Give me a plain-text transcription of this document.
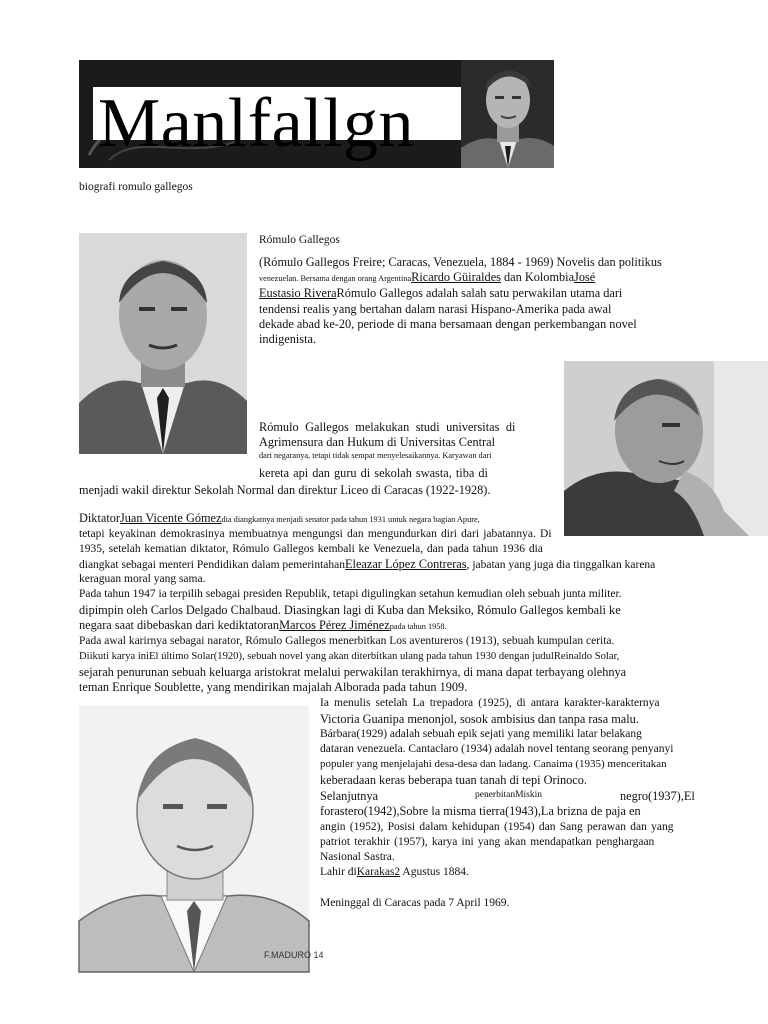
Manlfallgn
biografi romulo gallegos
Rómulo Gallegos
(Rómulo Gallegos Freire; Caracas, Venezuela, 1884 - 1969) Novelis dan politikus
venezuelan. Bersama dengan orang ArgentinaRicardo Güiraldes dan KolombiaJosé
Eustasio RiveraRómulo Gallegos adalah salah satu perwakilan utama dari
tendensi realis yang bertahan dalam narasi Hispano-Amerika pada awal
dekade abad ke-20, periode di mana bersamaan dengan perkembangan novel
indigenista.
Rómulo Gallegos melakukan studi universitas di
Agrimensura dan Hukum di Universitas Central
dari negaranya, tetapi tidak sempat menyelesaikannya. Karyawan dari
kereta api dan guru di sekolah swasta, tiba di
menjadi wakil direktur Sekolah Normal dan direktur Liceo di Caracas (1922-1928).
DiktatorJuan Vicente Gómezdia diangkatnya menjadi senator pada tahun 1931 untuk negara bagian Apure,
tetapi keyakinan demokrasinya membuatnya mengungsi dan mengundurkan diri dari jabatannya. Di
1935, setelah kematian diktator, Rómulo Gallegos kembali ke Venezuela, dan pada tahun 1936 dia
diangkat sebagai menteri Pendidikan dalam pemerintahanEleazar López Contreras, jabatan yang juga dia tinggalkan karena
keraguan moral yang sama.
Pada tahun 1947 ia terpilih sebagai presiden Republik, tetapi digulingkan setahun kemudian oleh sebuah junta militer.
dipimpin oleh Carlos Delgado Chalbaud. Diasingkan lagi di Kuba dan Meksiko, Rómulo Gallegos kembali ke
negara saat dibebaskan dari kediktatoranMarcos Pérez Jiménezpada tahun 1958.
Pada awal karirnya sebagai narator, Rómulo Gallegos menerbitkan Los aventureros (1913), sebuah kumpulan cerita.
Diikuti karya iniEl último Solar(1920), sebuah novel yang akan diterbitkan ulang pada tahun 1930 dengan judulReinaldo Solar,
sejarah penurunan sebuah keluarga aristokrat melalui perwakilan terakhirnya, di mana dapat terbayang olehnya
teman Enrique Soublette, yang mendirikan majalah Alborada pada tahun 1909.
F.MADURO 14
Ia menulis setelah La trepadora (1925), di antara karakter-karakternya
Victoria Guanipa menonjol, sosok ambisius dan tanpa rasa malu.
Bárbara(1929) adalah sebuah epik sejati yang memiliki latar belakang
dataran venezuela. Cantaclaro (1934) adalah novel tentang seorang penyanyi
populer yang menjelajahi desa-desa dan ladang. Canaima (1935) menceritakan
keberadaan keras beberapa tuan tanah di tepi Orinoco.
Selanjutnya	penerbitanMiskin	negro(1937),El
forastero(1942),Sobre la misma tierra(1943),La brizna de paja en
angin (1952), Posisi dalam kehidupan (1954) dan Sang perawan dan yang
patriot terakhir (1957), karya ini yang akan mendapatkan penghargaan
Nasional Sastra.
Lahir diKarakas2 Agustus 1884.
Meninggal di Caracas pada 7 April 1969.
